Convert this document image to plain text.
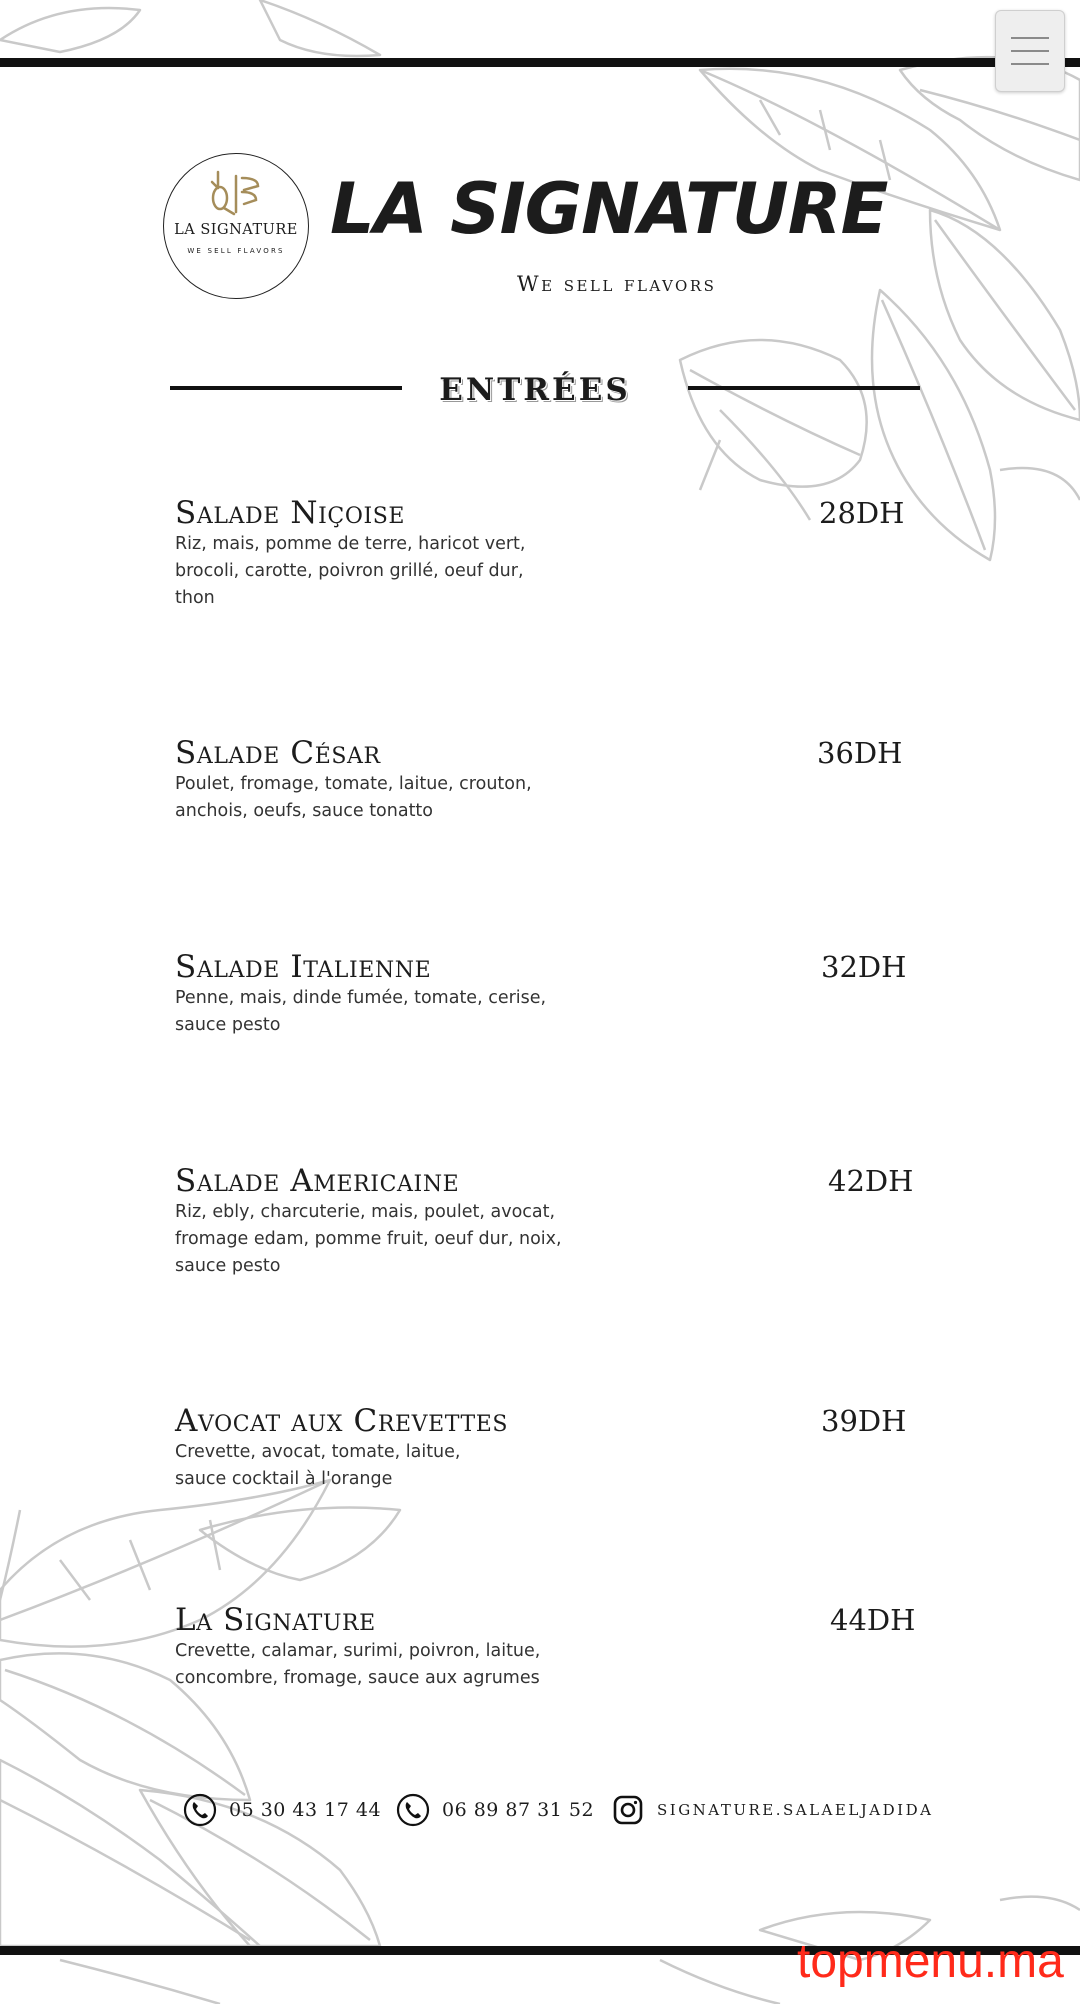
LA SIGNATURE
WE SELL FLAVORS
LA SIGNATURE
We sell flavors
ENTRÉES
Salade Niçoise
Riz, mais, pomme de terre, haricot vert,
brocoli, carotte, poivron grillé, oeuf dur,
thon
28DH
Salade César
Poulet, fromage, tomate, laitue, crouton,
anchois, oeufs, sauce tonatto
36DH
Salade Italienne
Penne, mais, dinde fumée, tomate, cerise,
sauce pesto
32DH
Salade Americaine
Riz, ebly, charcuterie, mais, poulet, avocat,
fromage edam, pomme fruit, oeuf dur, noix,
sauce pesto
42DH
Avocat aux Crevettes
Crevette, avocat, tomate, laitue,
sauce cocktail à l'orange
39DH
La Signature
Crevette, calamar, surimi, poivron, laitue,
concombre, fromage, sauce aux agrumes
44DH
05 30 43 17 44	06 89 87 31 52	SIGNATURE.SALAELJADIDA
topmenu.ma
